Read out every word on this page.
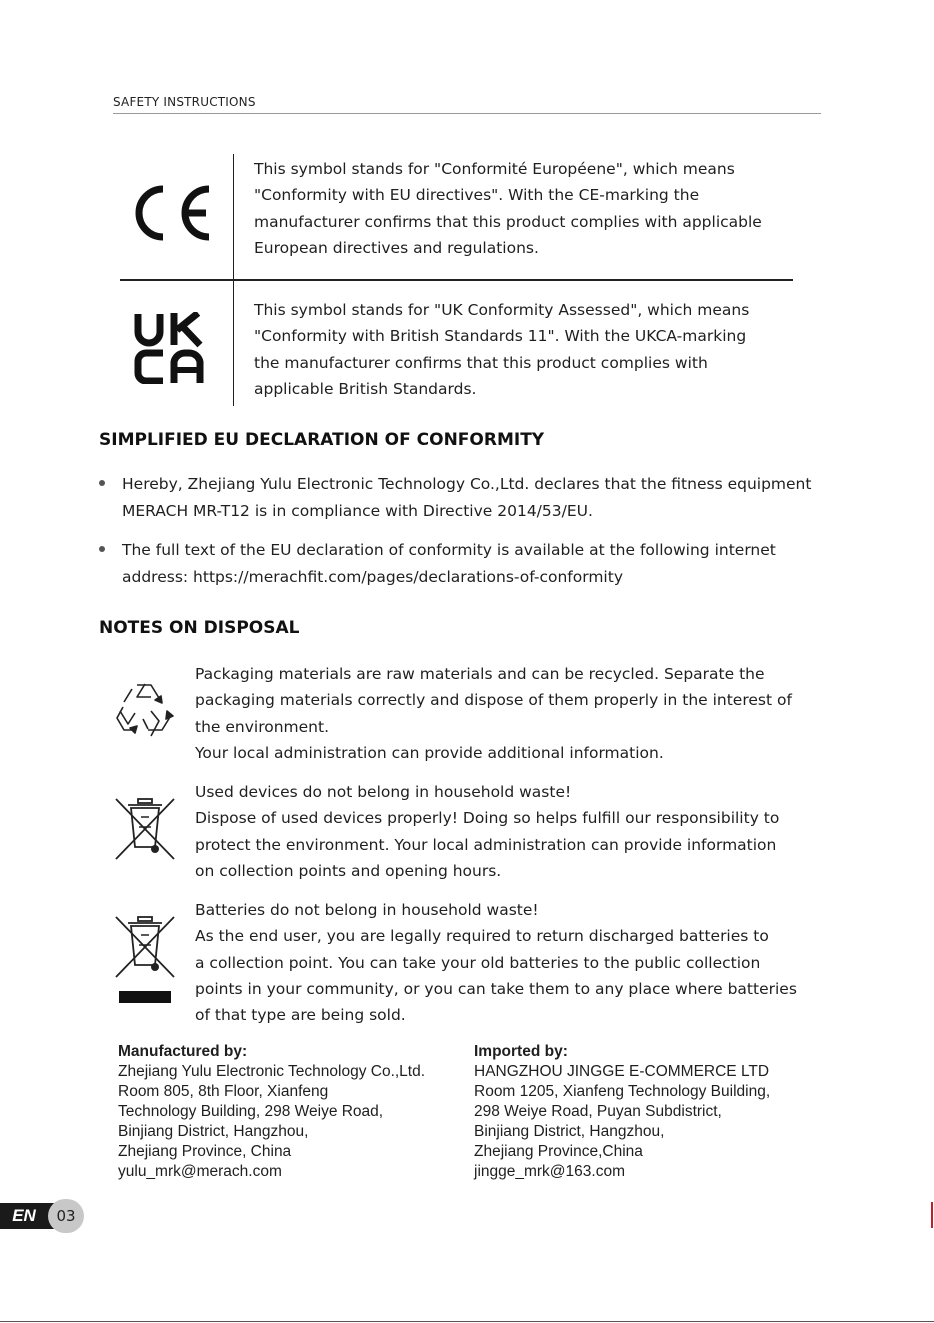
SAFETY INSTRUCTIONS

This symbol stands for "Conformité Européene", which means

"Conformity with EU directives". With the CE-marking the

manufacturer confirms that this product complies with applicable

European directives and regulations.

This symbol stands for "UK Conformity Assessed", which means

"Conformity with British Standards 11". With the UKCA-marking

the manufacturer confirms that this product complies with

applicable British Standards.

SIMPLIFIED EU DECLARATION OF CONFORMITY

Hereby, Zhejiang Yulu Electronic Technology Co.,Ltd. declares that the fitness equipment

MERACH MR-T12 is in compliance with Directive 2014/53/EU.

The full text of the EU declaration of conformity is available at the following internet

address: https://merachfit.com/pages/declarations-of-conformity

NOTES ON DISPOSAL

Packaging materials are raw materials and can be recycled. Separate the

packaging materials correctly and dispose of them properly in the interest of

the environment.

Your local administration can provide additional information.

Used devices do not belong in household waste!

Dispose of used devices properly! Doing so helps fulfill our responsibility to

protect the environment. Your local administration can provide information

on collection points and opening hours.

Batteries do not belong in household waste!

As the end user, you are legally required to return discharged batteries to

a collection point. You can take your old batteries to the public collection

points in your community, or you can take them to any place where batteries

of that type are being sold.

Manufactured by:

Zhejiang Yulu Electronic Technology Co.,Ltd.

Room 805, 8th Floor, Xianfeng

Technology Building, 298 Weiye Road,

Binjiang District, Hangzhou,

Zhejiang Province, China

yulu_mrk@merach.com

Imported by:

HANGZHOU JINGGE E-COMMERCE LTD

Room 1205, Xianfeng Technology Building,

298 Weiye Road, Puyan Subdistrict,

Binjiang District, Hangzhou,

Zhejiang Province,China

jingge_mrk@163.com

EN	03
